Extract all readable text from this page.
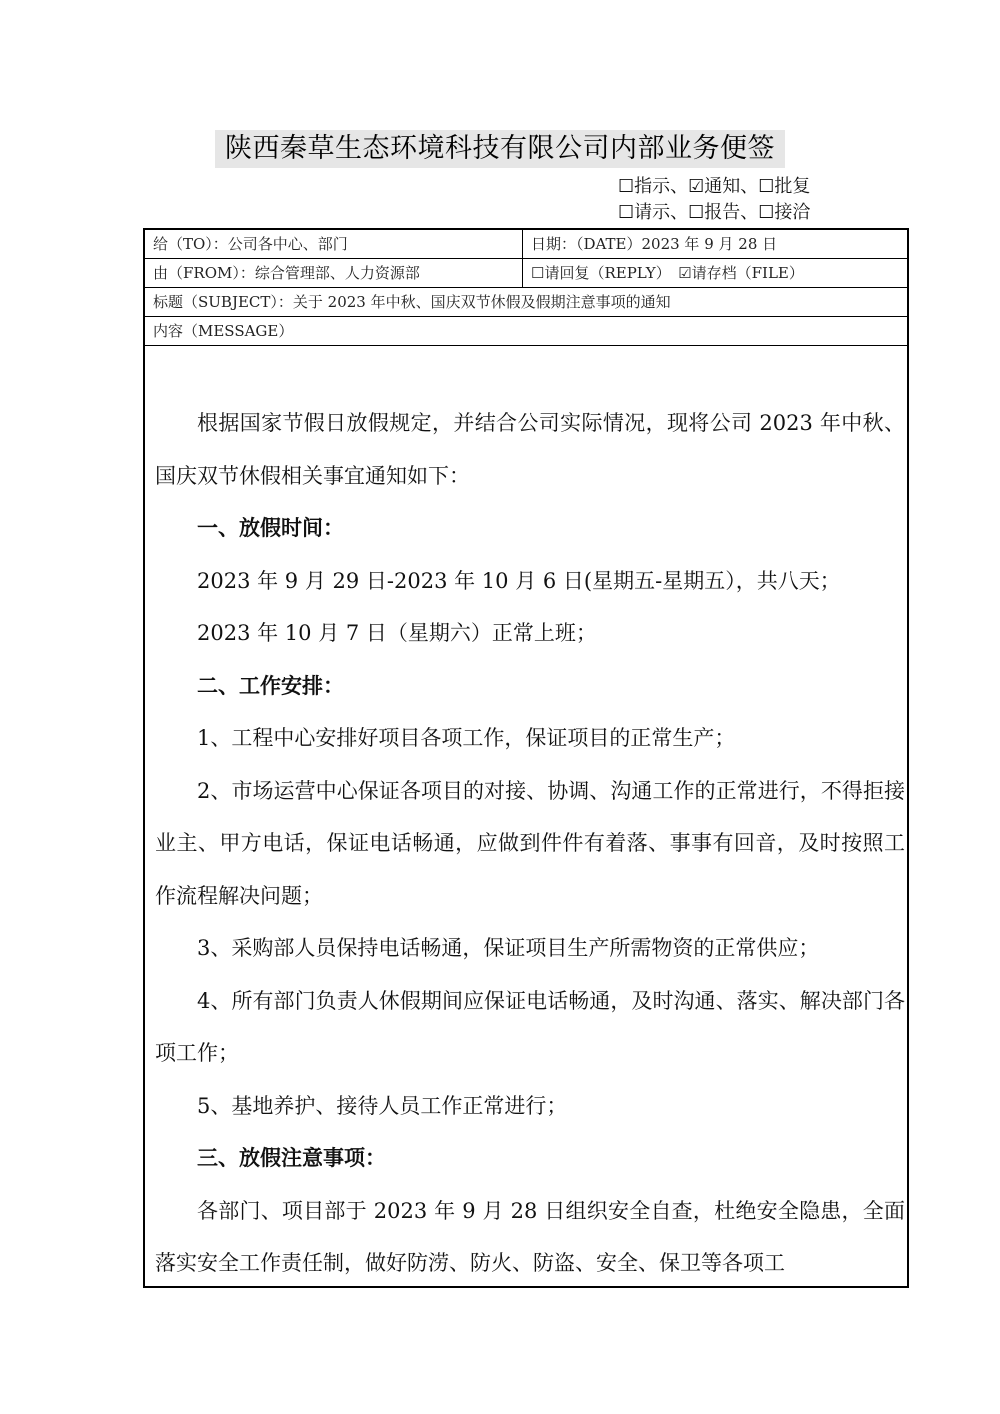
陕西秦草生态环境科技有限公司内部业务便签
☐指示、☑通知、☐批复
☐请示、☐报告、☐接洽
给（TO）：公司各中心、部门	日期：（DATE）2023 年 9 月 28 日
由（FROM）：综合管理部、人力资源部	☐请回复（REPLY）　☑请存档（FILE）
标题（SUBJECT）：关于 2023 年中秋、国庆双节休假及假期注意事项的通知
内容（MESSAGE）

根据国家节假日放假规定，并结合公司实际情况，现将公司 2023 年中秋、国庆双节休假相关事宜通知如下：

一、放假时间：

2023 年 9 月 29 日-2023 年 10 月 6 日(星期五-星期五），共八天；

2023 年 10 月 7 日（星期六）正常上班；

二、工作安排：

1、工程中心安排好项目各项工作，保证项目的正常生产；

2、市场运营中心保证各项目的对接、协调、沟通工作的正常进行，不得拒接业主、甲方电话，保证电话畅通，应做到件件有着落、事事有回音，及时按照工作流程解决问题；

3、采购部人员保持电话畅通，保证项目生产所需物资的正常供应；

4、所有部门负责人休假期间应保证电话畅通，及时沟通、落实、解决部门各项工作；

5、基地养护、接待人员工作正常进行；

三、放假注意事项：

各部门、项目部于 2023 年 9 月 28 日组织安全自查，杜绝安全隐患，全面落实安全工作责任制，做好防涝、防火、防盗、安全、保卫等各项工
